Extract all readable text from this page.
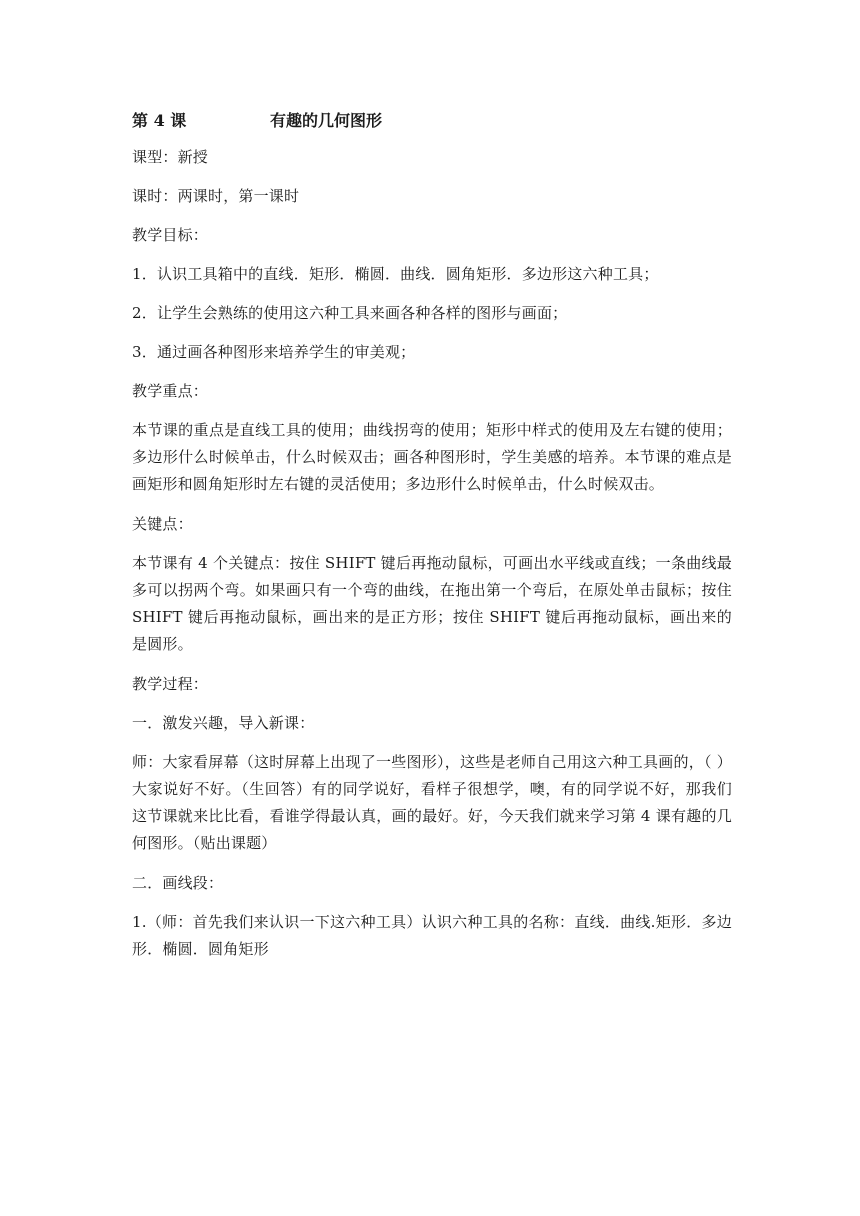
第 4 课	有趣的几何图形

课型：新授

课时：两课时，第一课时

教学目标：

1．认识工具箱中的直线．矩形．椭圆．曲线．圆角矩形．多边形这六种工具；

2．让学生会熟练的使用这六种工具来画各种各样的图形与画面；

3．通过画各种图形来培养学生的审美观；

教学重点：

本节课的重点是直线工具的使用；曲线拐弯的使用；矩形中样式的使用及左右键的使用；多边形什么时候单击，什么时候双击；画各种图形时，学生美感的培养。本节课的难点是画矩形和圆角矩形时左右键的灵活使用；多边形什么时候单击，什么时候双击。

关键点：

本节课有 4 个关键点：按住 SHIFT 键后再拖动鼠标，可画出水平线或直线；一条曲线最多可以拐两个弯。如果画只有一个弯的曲线，在拖出第一个弯后，在原处单击鼠标；按住 SHIFT 键后再拖动鼠标，画出来的是正方形；按住 SHIFT 键后再拖动鼠标，画出来的是圆形。

教学过程：

一．激发兴趣，导入新课：

师：大家看屏幕（这时屏幕上出现了一些图形），这些是老师自己用这六种工具画的，（ ）大家说好不好。（生回答）有的同学说好，看样子很想学，噢，有的同学说不好，那我们这节课就来比比看，看谁学得最认真，画的最好。好，今天我们就来学习第 4 课有趣的几何图形。（贴出课题）

二．画线段：

1.（师：首先我们来认识一下这六种工具）认识六种工具的名称：直线．曲线.矩形．多边形．椭圆．圆角矩形
